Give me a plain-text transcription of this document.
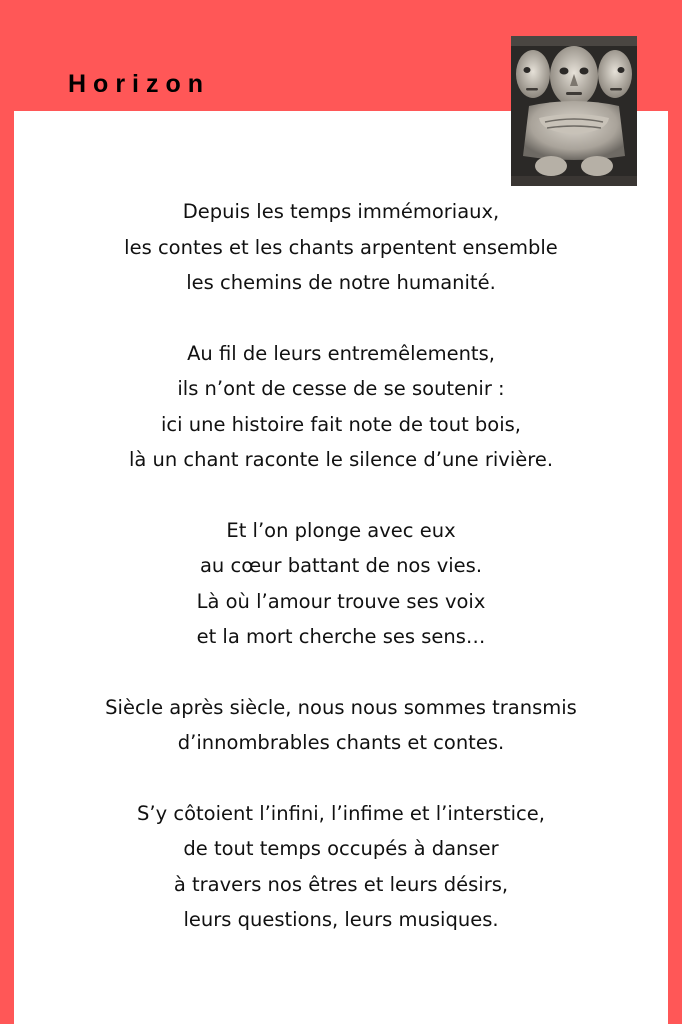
Horizon
Depuis les temps immémoriaux,
les contes et les chants arpentent ensemble
les chemins de notre humanité.
Au fil de leurs entremêlements,
ils n’ont de cesse de se soutenir :
ici une histoire fait note de tout bois,
là un chant raconte le silence d’une rivière.
Et l’on plonge avec eux
au cœur battant de nos vies.
Là où l’amour trouve ses voix
et la mort cherche ses sens…
Siècle après siècle, nous nous sommes transmis
d’innombrables chants et contes.
S’y côtoient l’infini, l’infime et l’interstice,
de tout temps occupés à danser
à travers nos êtres et leurs désirs,
leurs questions, leurs musiques.
